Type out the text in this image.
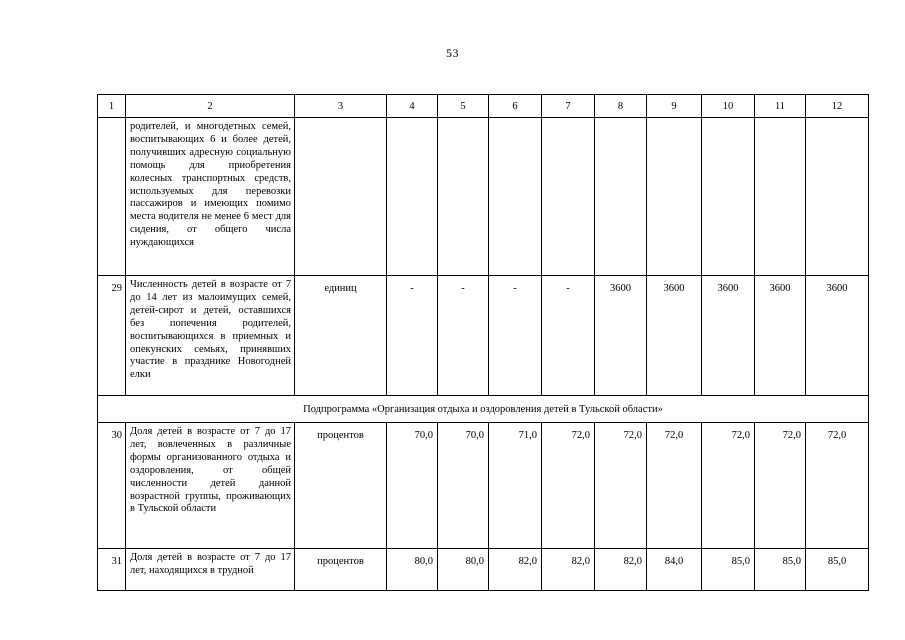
53
1	2	3	4	5	6	7	8	9	10	11	12
	родителей, и многодетных семей, воспитывающих 6 и более детей, получивших адресную социальную помощь для приобретения колесных транспортных средств, используемых для перевозки пассажиров и имеющих помимо места водителя не менее 6 мест для сидения, от общего числа нуждающихся										
29	Численность детей в возрасте от 7 до 14 лет из малоимущих семей, детей-сирот и детей, оставшихся без попечения родителей, воспитывающихся в приемных и опекунских семьях, принявших участие в празднике Новогодней елки	единиц	-	-	-	-	3600	3600	3600	3600	3600
Подпрограмма «Организация отдыха и оздоровления детей в Тульской области»											
30	Доля детей в возрасте от 7 до 17 лет, вовлеченных в различные формы организованного отдыха и оздоровления, от общей численности детей данной возрастной группы, проживающих в Тульской области	процентов	70,0	70,0	71,0	72,0	72,0	72,0	72,0	72,0	72,0
31	Доля детей в возрасте от 7 до 17 лет, находящихся в трудной	процентов	80,0	80,0	82,0	82,0	82,0	84,0	85,0	85,0	85,0
